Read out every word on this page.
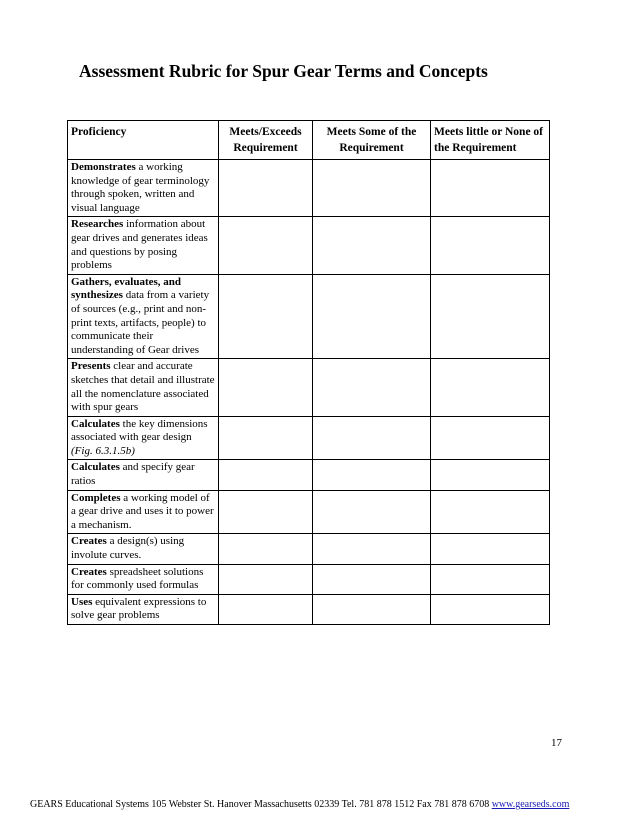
Assessment Rubric for Spur Gear Terms and Concepts
Proficiency	Meets/Exceeds Requirement	Meets Some of the Requirement	Meets little or None of the Requirement
Demonstrates a working knowledge of gear terminology through spoken, written and visual language			
Researches information about gear drives and generates ideas and questions by posing problems			
Gathers, evaluates, and synthesizes data from a variety of sources (e.g., print and non-print texts, artifacts, people) to communicate their understanding of Gear drives			
Presents clear and accurate sketches that detail and illustrate all the nomenclature associated with spur gears			
Calculates the key dimensions associated with gear design (Fig. 6.3.1.5b)			
Calculates and specify gear ratios			
Completes a working model of a gear drive and uses it to power a mechanism.			
Creates a design(s) using involute curves.			
Creates spreadsheet solutions for commonly used formulas			
Uses equivalent expressions to solve gear problems			
17
GEARS Educational Systems 105 Webster St. Hanover Massachusetts 02339 Tel. 781 878 1512 Fax 781 878 6708 www.gearseds.com
